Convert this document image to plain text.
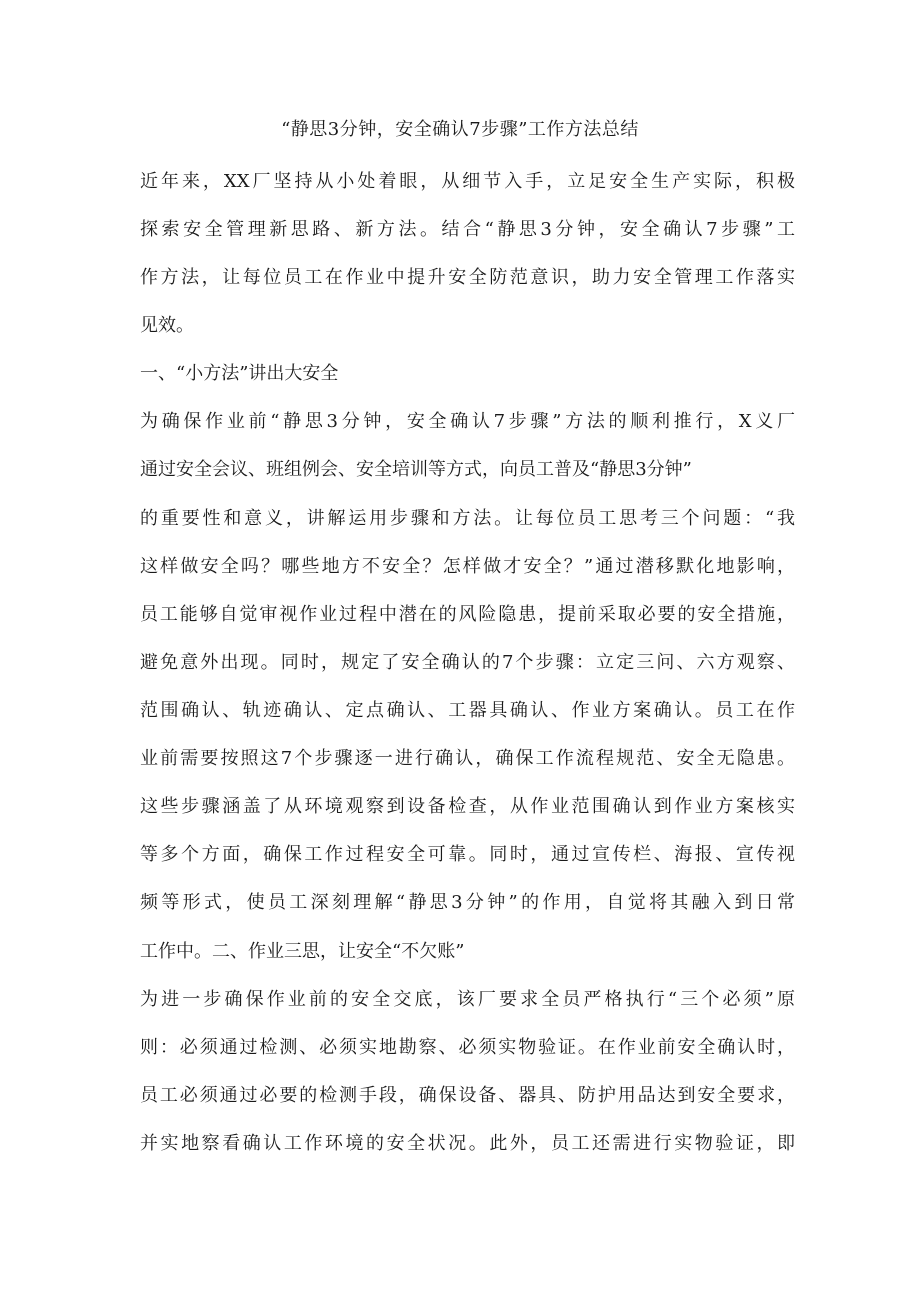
“静思3分钟，安全确认7步骤”工作方法总结
近年来，XX厂坚持从小处着眼，从细节入手，立足安全生产实际，积极
探索安全管理新思路、新方法。结合“静思3分钟，安全确认7步骤”工
作方法，让每位员工在作业中提升安全防范意识，助力安全管理工作落实
见效。
一、“小方法”讲出大安全
为确保作业前“静思3分钟，安全确认7步骤”方法的顺利推行，X义厂
通过安全会议、班组例会、安全培训等方式，向员工普及“静思3分钟”
的重要性和意义，讲解运用步骤和方法。让每位员工思考三个问题：“我
这样做安全吗？哪些地方不安全？怎样做才安全？”通过潜移默化地影响，
员工能够自觉审视作业过程中潜在的风险隐患，提前采取必要的安全措施，
避免意外出现。同时，规定了安全确认的7个步骤：立定三问、六方观察、
范围确认、轨迹确认、定点确认、工器具确认、作业方案确认。员工在作
业前需要按照这7个步骤逐一进行确认，确保工作流程规范、安全无隐患。
这些步骤涵盖了从环境观察到设备检查，从作业范围确认到作业方案核实
等多个方面，确保工作过程安全可靠。同时，通过宣传栏、海报、宣传视
频等形式，使员工深刻理解“静思3分钟”的作用，自觉将其融入到日常
工作中。二、作业三思，让安全“不欠账”
为进一步确保作业前的安全交底，该厂要求全员严格执行“三个必须”原
则：必须通过检测、必须实地勘察、必须实物验证。在作业前安全确认时，
员工必须通过必要的检测手段，确保设备、器具、防护用品达到安全要求，
并实地察看确认工作环境的安全状况。此外，员工还需进行实物验证，即
